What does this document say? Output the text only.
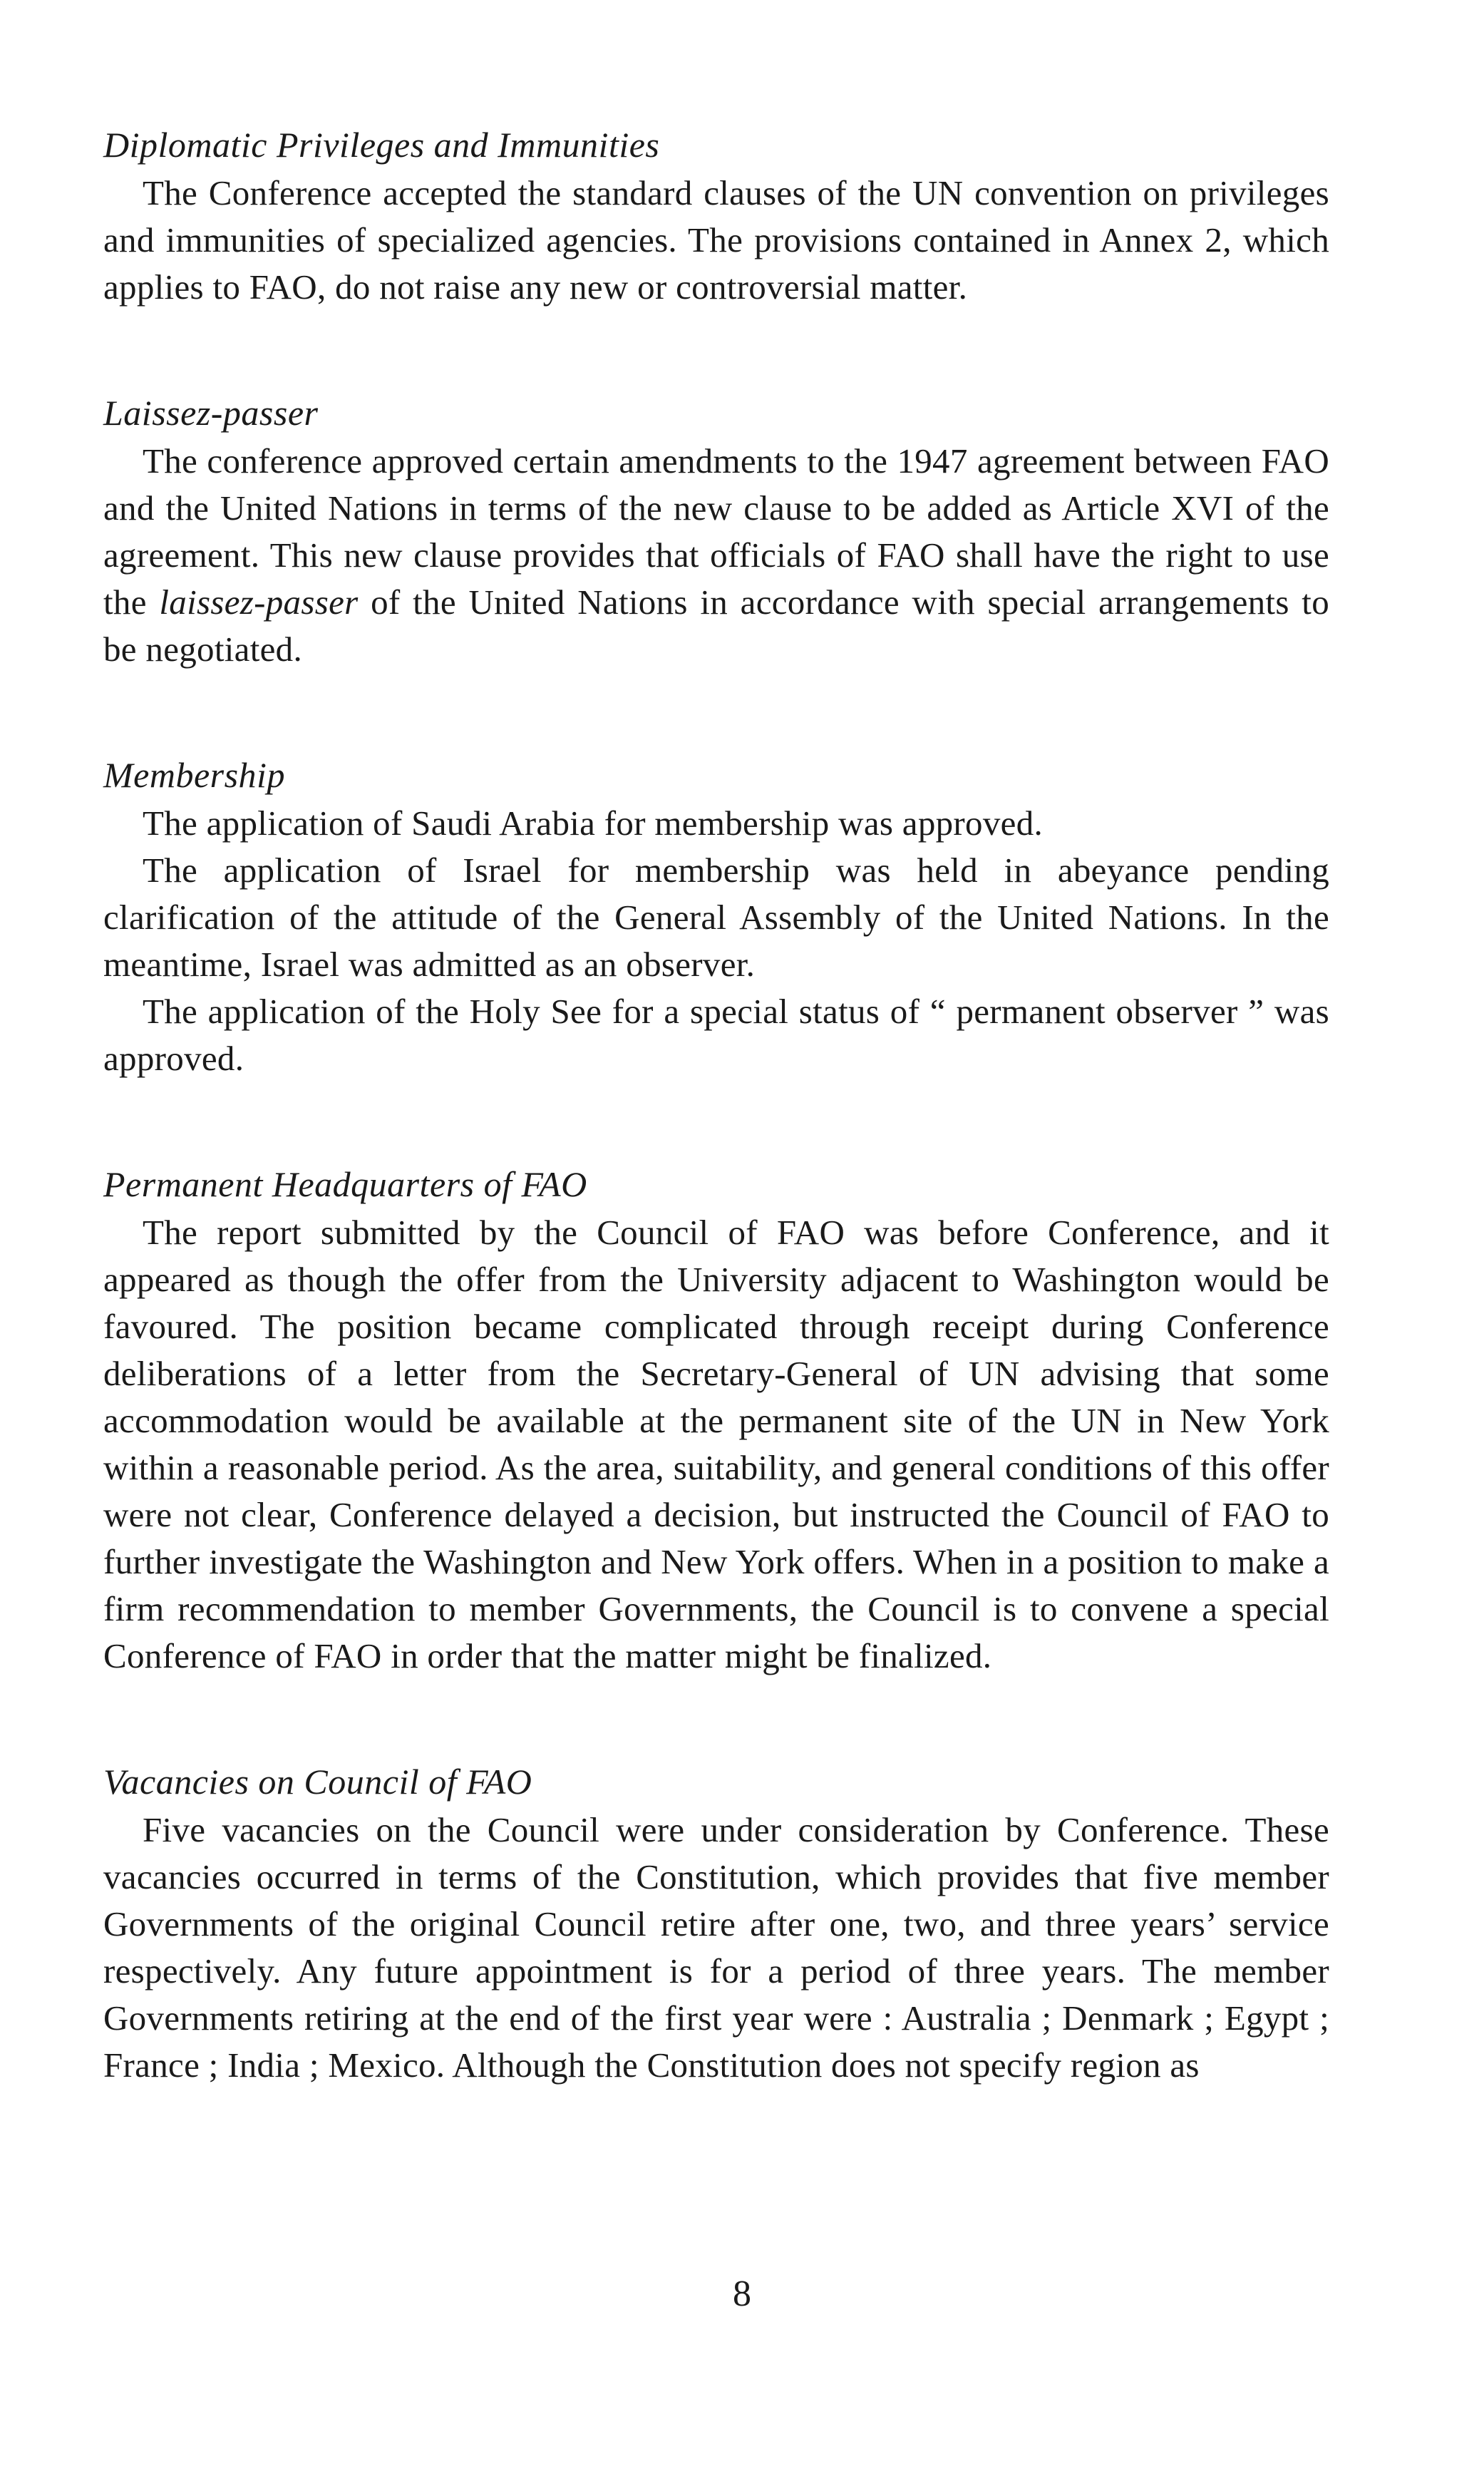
Diplomatic Privileges and Immunities

The Conference accepted the standard clauses of the UN convention on privileges and immunities of specialized agencies. The provisions contained in Annex 2, which applies to FAO, do not raise any new or controversial matter.

Laissez-passer

The conference approved certain amendments to the 1947 agreement between FAO and the United Nations in terms of the new clause to be added as Article XVI of the agreement. This new clause provides that officials of FAO shall have the right to use the laissez-passer of the United Nations in accordance with special arrangements to be negotiated.

Membership

The application of Saudi Arabia for membership was approved.

The application of Israel for membership was held in abeyance pending clarification of the attitude of the General Assembly of the United Nations. In the meantime, Israel was admitted as an observer.

The application of the Holy See for a special status of “ permanent observer ” was approved.

Permanent Headquarters of FAO

The report submitted by the Council of FAO was before Conference, and it appeared as though the offer from the University adjacent to Washington would be favoured. The position became complicated through receipt during Conference deliberations of a letter from the Secretary-General of UN advising that some accommodation would be available at the permanent site of the UN in New York within a reasonable period. As the area, suitability, and general conditions of this offer were not clear, Conference delayed a decision, but instructed the Council of FAO to further investigate the Washington and New York offers. When in a position to make a firm recommendation to member Governments, the Council is to convene a special Conference of FAO in order that the matter might be finalized.

Vacancies on Council of FAO

Five vacancies on the Council were under consideration by Conference. These vacancies occurred in terms of the Constitution, which provides that five member Governments of the original Council retire after one, two, and three years’ service respectively. Any future appointment is for a period of three years. The member Governments retiring at the end of the first year were : Australia ; Denmark ; Egypt ; France ; India ; Mexico. Although the Constitution does not specify region as

8
